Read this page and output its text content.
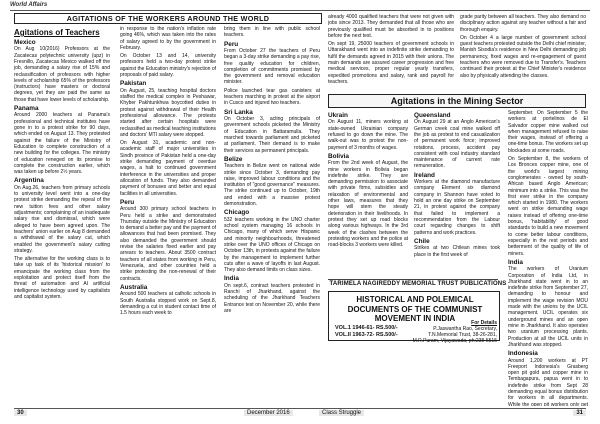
World Affairs
AGITATIONS OF THE WORKERS AROUND THE WORLD
Agitations of Teachers
Mexico

On Aug 10(2016) Professors at the Zacatecas polytechnic university (upz) in Fresnillo, Zacatecas Mexico walked off the job, demanding a salary rise of 15% and reclassification of professors with higher levels of scholarship 65% of the professors (instructors) have masters or doctoral degrees, yet they are paid the same as those that have lower levels of scholarship.

Panama

Around 2000 teachers at Panama's professional and technical institutes have gone in to a protest strike for 90 days, which ended on August 13. They protested against the failure of the Ministry of Education to complete construction of a new building for the colleges. The ministry of education reneged on its promise to complete the construction earlier, which was taken up before 2½ years.

Argentina

On Aug.26, teachers from primary schools to university level went into a one-day protest strike demanding the repeal of the new tuition fees and other salary adjustments; complaining of an inadequate salary rise and dismissal, which were alleged to have been agreed upon. The teachers' union earlier on Aug 8 demanded a withdrawal of the salary cut, which enabled the government's salary cutting strategy.

The alternative for the working class is to take up task of its 'historical mission' to emancipate the working class from the exploitation and protect itself from the threat of automation and AI artificial intelligence technology used by capitalists and capitalist system.

in response to the nation's inflation rate going 46%, which was taken into the rates of salary agreed to by the government in February.

On October 13 and 14, university professors held a two-day protest strike against the Education ministry's rejection of proposals of paid salary.

Pakistan

On August, 25, teaching hospital doctors staffed the medical complex in Peshawar, Khyber Pakhtunkhwa boycotted duties in protest against withdrawal of their Health professional allowance. The protests started after certain hospitals were reclassified as medical teaching institutions and doctors' MTI salary were stopped.

On August 31, academic and non-academic staff of major universities in Sindh province of Pakistan held a one-day strike demanding payment of overdue wages, a halt to continued government interference in the universities and proper allocation of funds. They also demanded payment of bonuses and better and equal facilities in all universities.

Peru

Around 300 primary school teachers in Peru held a strike and demonstrated Thursday outside the Ministry of Education to demand a better pay and the payment of allowances that had been promised. They also demanded the government should revise the salaries fixed earlier and pay arrears to teachers. About 3500 contract teachers of all states from working in Peru, Venezuela, and other countries held a strike protesting the non-renewal of their contracts.

Australia

Around 500 teachers at catholic schools in South Australia stopped work on Sept.8, demanding a cut in student contact time of 1.5 hours each week to

bring them in line with public school teachers.

Peru

From October 27 the teachers of Peru began a 3-day strike demanding a pay rise, free quality education for children, completion of commitments promised by the government and removal education minister.

Police launched tear gas canisters at teachers marching in protest at the airport in Cusco and injured two teachers.

Sri Lanka

On October 3, acting principals of government schools picketed the Ministry of Education in Battaramulla. They marched towards parliament and picketed at parliament. Their demand is to make their services as permanent principals.

Belize

Teachers in Belize went on national wide strike since October 3, demanding pay raise, improved labour conditions and the institution of "good governance" measures. The strike continued up to October, 19th and ended with a massive protest demonstration.

Chicago

532 teachers working in the UNO charter school system managing 16 schools in Chicago, many of which serve Hispanic and minority neighbourhoods, threatened strike over the UNO offices of Chicago on October 13th, in protests against the failure by the management to implement further cuts after a wave of layoffs in last August. They also demand limits on class sizes.

India

On sept.6, contract teachers protested in Ranchi of Jharkhand, against the scheduling of the Jharkhand Teachers Entrance test on November 20, while there are

already 4000 qualified teachers that were not given with jobs since 2013. They demanded that all those who are previously qualified must be absorbed in to positions before the next test.

On sept 19, 25000 teachers of government schools in Uttarakhand went into an indefinite strike demanding to fulfil the demands agreed in 2015 with their unions. The main demands are assured career progression and free medical services, proper regular yearly transfers, expedited promotions and salary, rank and payroll for teachers.

grade parity between all teachers. They also demand no disciplinary action against any teacher without a fair and thorough enquiry.

On October 4 a large number of government school guest teachers protested outside the Delhi chief minister, Manish Sisodia's residence in New Delhi demanding job permanency, fixed wages and re-engagement of guest teachers who were removed due to Transfer's. Teachers continued their protest at the Chief Minister's residence also by physically attending the classes.

Agitations in the Mining Sector
Ukrain

On August 11, miners working at state-owned Ukrainian company refused to go down the mine. The walk-out was to protest the non-payment of 3 months of wages.

Bolivia

From the 2nd week of August, the mine workers in Bolivia began indefinite strike. They are demanding permission to associate with private firms, subsidies and relaxation of environmental and other laws, measures that they hope will stem the steady deterioration in their livelihoods. In protest they set up road blocks along various highways. In the 3rd week of the clashes between the protesting workers and the police at road-blocks 3 workers were killed.

Queensland

On August 29 at an Anglo American's German creek coal mine walked off the job as protest to end casualization of permanent work force; improved rotations, process, accident pay consistent with coal industry standard maintenance of current rate remuneration.

Ireland

Workers at the diamond manufacture company Element six diamond company in Shannon have voted to hold an one day strike on September 21, in protest against the company that failed to implement a recommendation from the Labour court regarding changes to shift patterns and work practices.

Chile

Strikes at two Chilean mines took place in the first week of

September. On September 5 the workers at portelinos de El Salvador copper mine walked out when management refused to raise their wages, instead of offering a one-time bonus. The workers set up blockades at some roads.

On September 8, the workers of Los Bronces copper mine, one of the world's largest mining conglomerates - owned by south-African based Anglo American; minimum into a strike. This was the first ever strike in the company which started in 1980. The workers went on strike demanding wage raises instead of offering one-time bonus, 'habitability' of good standards to build a new movement to come better labour conditions, especially in the rest periods and betterment of the quality of life of miners.

India

The workers of Uranium Corporation of India Ltd, in Jharkhand state went in to an indefinite strike from September 27, demanding to honour and implement the wage revision MOU made with the unions by the UCIL management. UCIL operates six underground mines and an open mine in Jharkhand. It also operates two uranium processing plants. Production at all the UCIL units in Jharkhand was stopped.

Indonesia

Around 1,200 workers at PT Freeport Indonesia's Grasberg open pit gold and copper mine in Tembagapura, papua went in to indefinite strike from Sept 28 demanding equal bonus distribution for workers in all departments. While the open pit workers only get

TARIMELA NAGIREDDY MEMORIAL TRUST PUBLICATIONS
HISTORICAL AND POLEMICAL DOCUMENTS OF THE COMMUNIST MOVEMENT IN INDIA
VOL.1 1946-61- RS.500/-
VOL.II 1963-72- RS.500/-
For Details
P.Jaswantha Rao, Secretary,
T.N.Memorial Trust, 38-26-281,
M.R.Puram, Vijayawada, ph:238-5515
30	December 2016	Class Struggle	31
